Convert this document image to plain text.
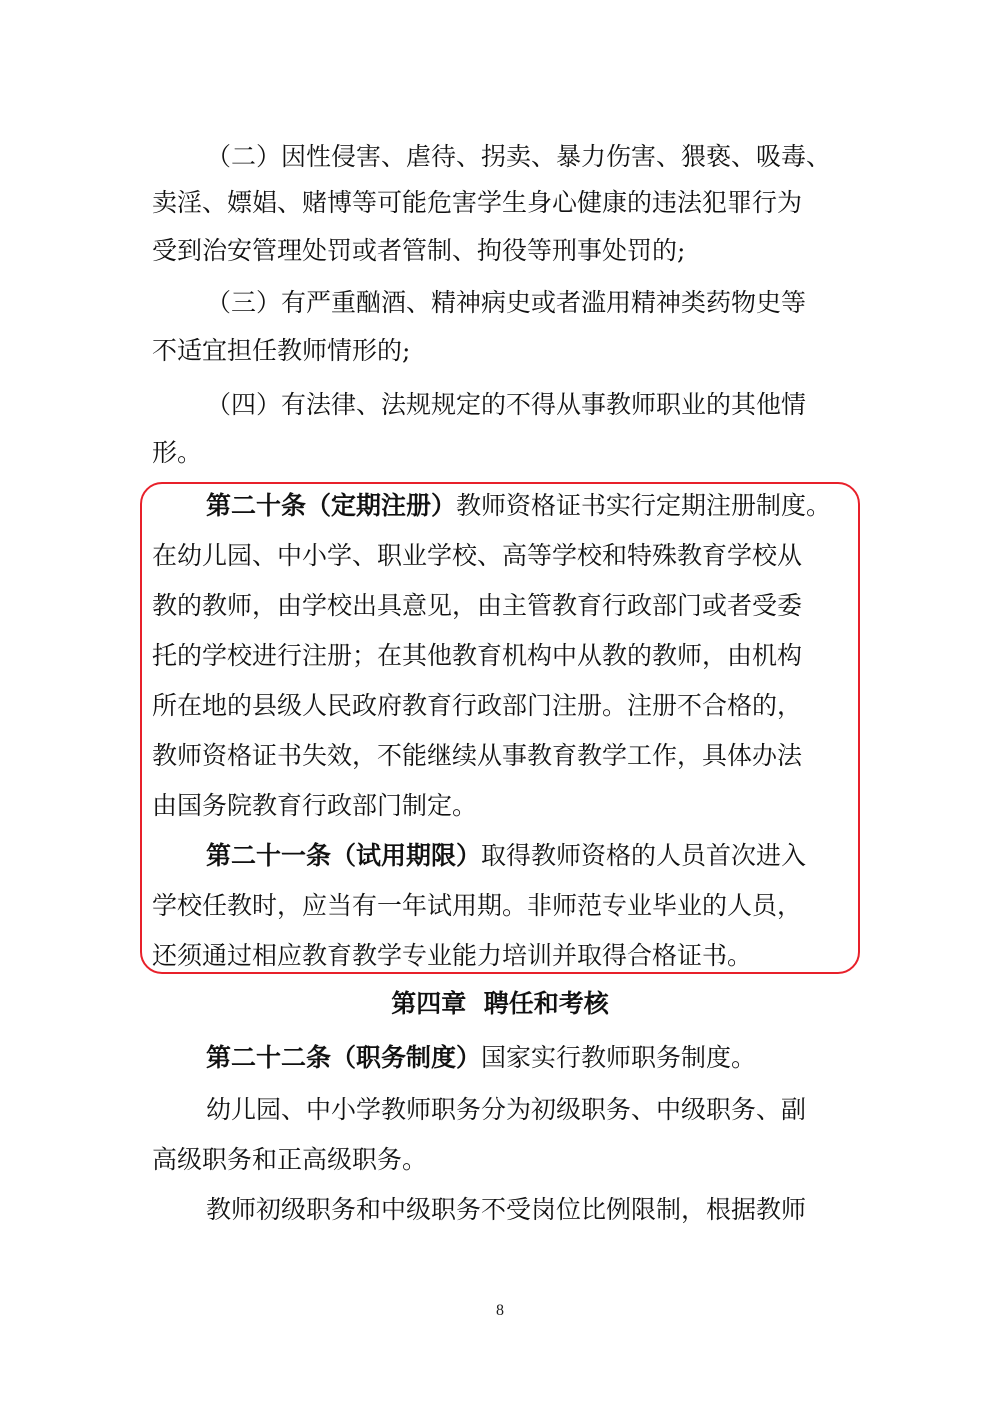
（二）因性侵害、虐待、拐卖、暴力伤害、猥亵、吸毒、
卖淫、嫖娼、赌博等可能危害学生身心健康的违法犯罪行为
受到治安管理处罚或者管制、拘役等刑事处罚的;
（三）有严重酗酒、精神病史或者滥用精神类药物史等
不适宜担任教师情形的;
（四）有法律、法规规定的不得从事教师职业的其他情
形。
第二十条（定期注册）教师资格证书实行定期注册制度。
在幼儿园、中小学、职业学校、高等学校和特殊教育学校从
教的教师，由学校出具意见，由主管教育行政部门或者受委
托的学校进行注册；在其他教育机构中从教的教师，由机构
所在地的县级人民政府教育行政部门注册。注册不合格的，
教师资格证书失效，不能继续从事教育教学工作，具体办法
由国务院教育行政部门制定。
第二十一条（试用期限）取得教师资格的人员首次进入
学校任教时，应当有一年试用期。非师范专业毕业的人员，
还须通过相应教育教学专业能力培训并取得合格证书。
第四章  聘任和考核
第二十二条（职务制度）国家实行教师职务制度。
幼儿园、中小学教师职务分为初级职务、中级职务、副
高级职务和正高级职务。
教师初级职务和中级职务不受岗位比例限制，根据教师
8
